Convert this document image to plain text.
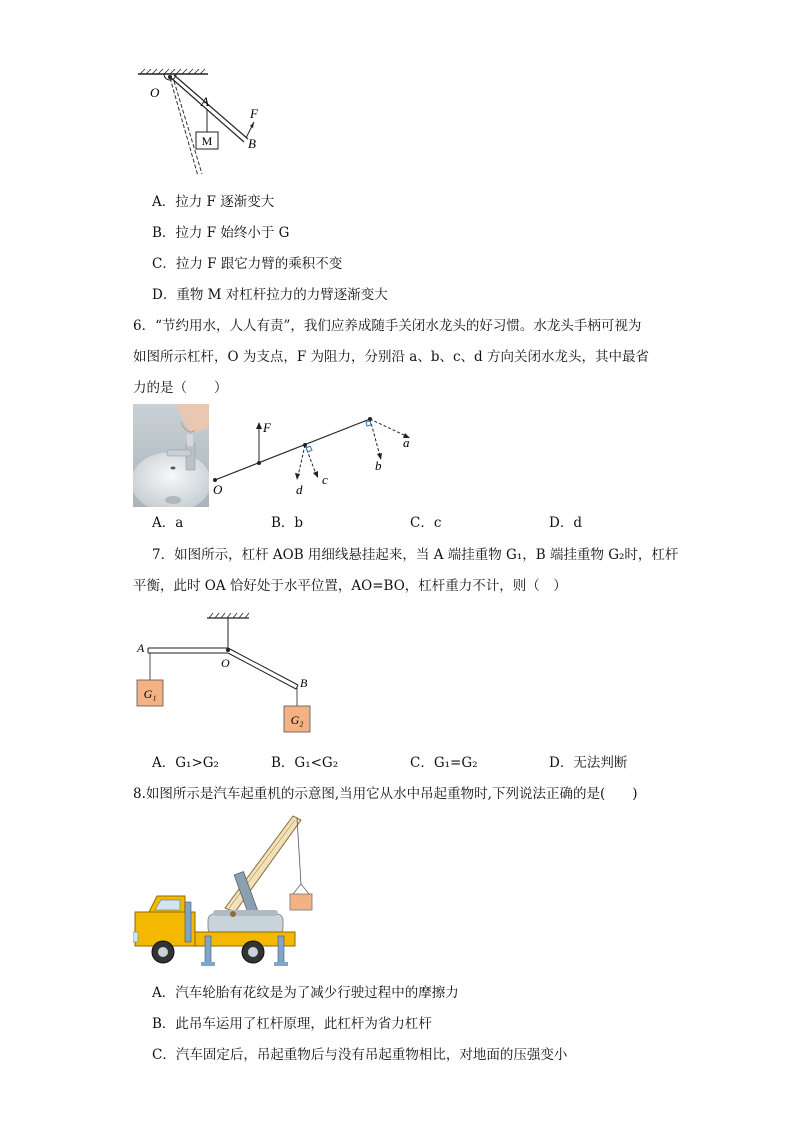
M
O
A
F
B
A．拉力 F 逐渐变大
B．拉力 F 始终小于 G
C．拉力 F 跟它力臂的乘积不变
D．重物 M 对杠杆拉力的力臂逐渐变大
6．“节约用水，人人有责”，我们应养成随手关闭水龙头的好习惯。水龙头手柄可视为
如图所示杠杆，O 为支点，F 为阻力，分别沿 a、b、c、d 方向关闭水龙头，其中最省
力的是（　　）
F
O
a
b
c
d
A．a	B．b	C．c	D．d
7．如图所示，杠杆 AOB 用细线悬挂起来，当 A 端挂重物 G₁，B 端挂重物 G₂时，杠杆
平衡，此时 OA 恰好处于水平位置，AO=BO，杠杆重力不计，则（　）
G₁
G₂
A
O
B
A．G₁>G₂	B．G₁<G₂	C．G₁=G₂	D．无法判断
8.如图所示是汽车起重机的示意图,当用它从水中吊起重物时,下列说法正确的是(　　)
A．汽车轮胎有花纹是为了减少行驶过程中的摩擦力
B．此吊车运用了杠杆原理，此杠杆为省力杠杆
C．汽车固定后，吊起重物后与没有吊起重物相比，对地面的压强变小
